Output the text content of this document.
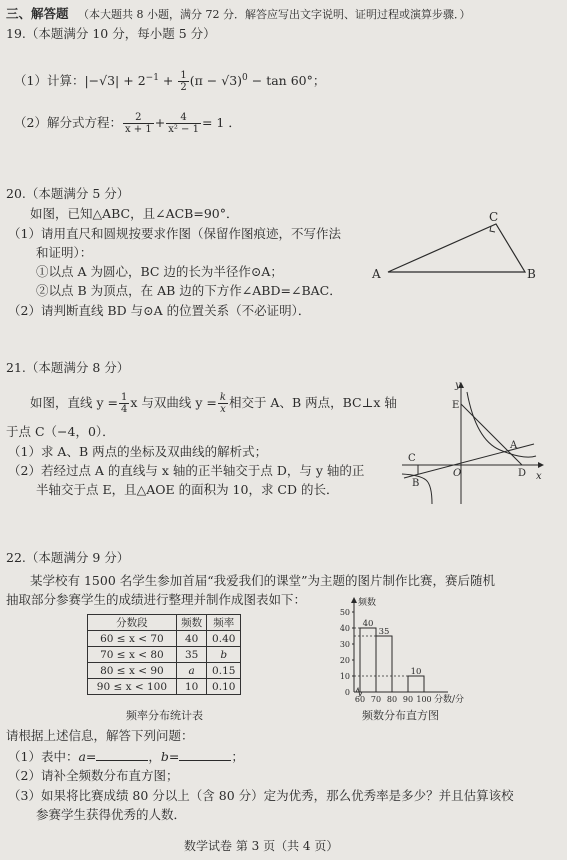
三、解答题 （本大题共 8 小题，满分 72 分．解答应写出文字说明、证明过程或演算步骤．）
19.（本题满分 10 分，每小题 5 分）
（1）计算：$|-√3| + 2^{-1} + \frac{1}{2} (\pi - √3)^0 - \tan 60^\circ$；
（2）解分式方程： $\frac{2}{x + 1} + \frac{4}{\text{x² − 1}} = 1$ ．
20.（本题满分 5 分）
如图，已知△ABC，且∠ACB=90°．
（1）请用直尺和圆规按要求作图（保留作图痕迹，不写作法
和证明）：
①以点 A 为圆心，BC 边的长为半径作⊙A；
②以点 B 为顶点，在 AB 边的下方作∠ABD=∠BAC．
（2）请判断直线 BD 与⊙A 的位置关系（不必证明）．
A	B
C
21.（本题满分 8 分）
如图，直线 $y = \frac{1}{4}$ x 与双曲线 $y = \frac{k}{x}$ 相交于 A、B 两点，BC⊥x 轴
于点 C（−4，0）．
（1）求 A、B 两点的坐标及双曲线的解析式；
（2）若经过点 A 的直线与 x 轴的正半轴交于点 D，与 y 轴的正
半轴交于点 E，且△AOE 的面积为 10，求 CD 的长．
y
x
E
A
C
O	D
B
22.（本题满分 9 分）
某学校有 1500 名学生参加首届“我爱我们的课堂”为主题的图片制作比赛，赛后随机
抽取部分参赛学生的成绩进行整理并制作成图表如下：
分数段	频数	频率
60 ≤ x < 70	40	0.40
70 ≤ x < 80	35	b
80 ≤ x < 90	a	0.15
90 ≤ x < 100	10	0.10
频率分布统计表
0
10
20
30
40
50
频数
40
35
10
60 70 80 90 100 分数/分
频数分布直方图
请根据上述信息，解答下列问题：
（1）表中：a=	，b=	；
（2）请补全频数分布直方图；
（3）如果将比赛成绩 80 分以上（含 80 分）定为优秀，那么优秀率是多少？并且估算该校
参赛学生获得优秀的人数．
数学试卷 第 3 页（共 4 页）
